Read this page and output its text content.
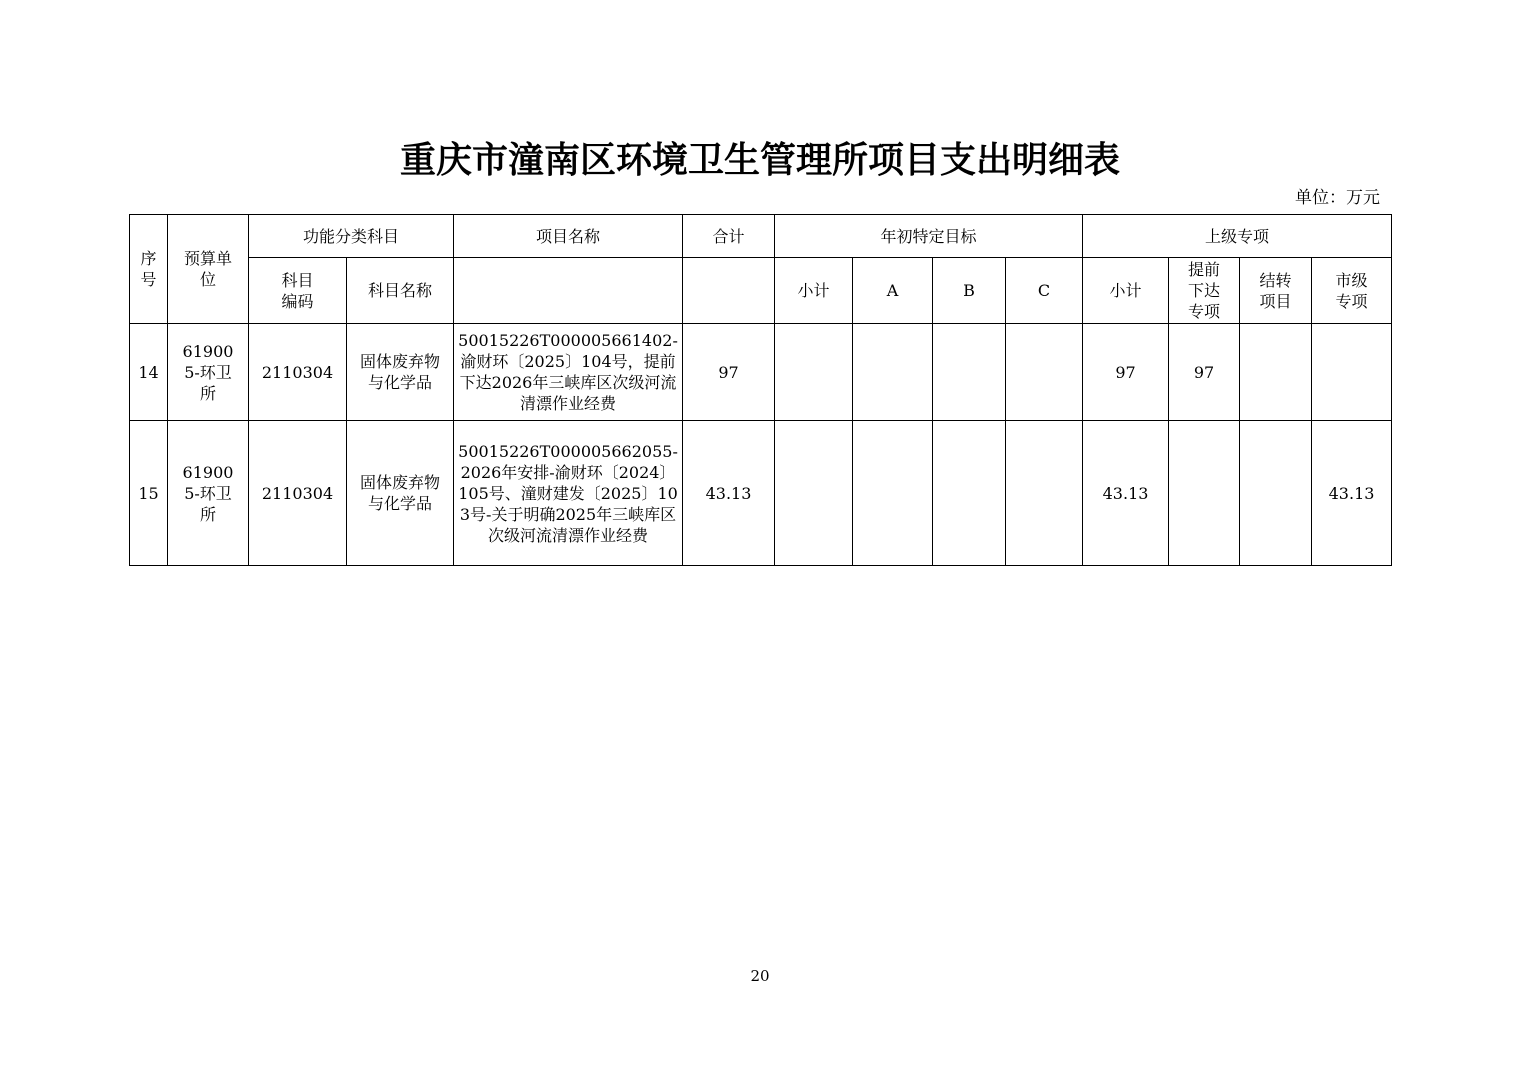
重庆市潼南区环境卫生管理所项目支出明细表
单位：万元
序号	预算单位	功能分类科目		项目名称	合计	年初特定目标				上级专项			
		科目编码	科目名称			小计	A	B	C	小计	提前下达专项	结转项目	市级专项
14	619005-环卫所	2110304	固体废弃物与化学品	50015226T000005661402-渝财环〔2025〕104号，提前下达2026年三峡库区次级河流清漂作业经费	97					97	97		
15	619005-环卫所	2110304	固体废弃物与化学品	50015226T000005662055-2026年安排-渝财环〔2024〕105号、潼财建发〔2025〕103号-关于明确2025年三峡库区次级河流清漂作业经费	43.13					43.13			43.13
20
